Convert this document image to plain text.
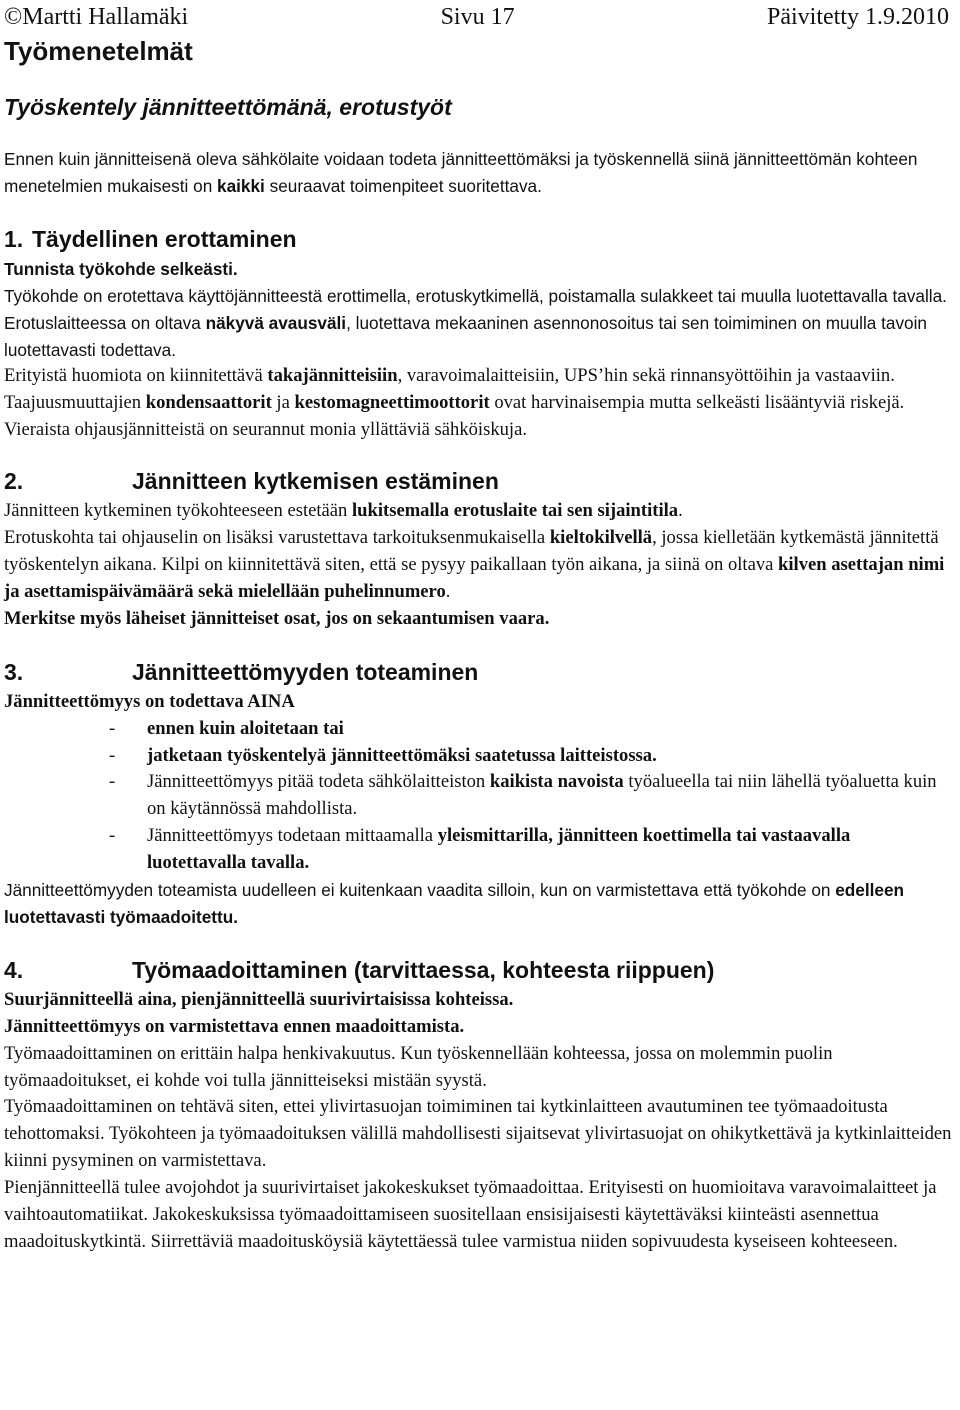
©Martti Hallamäki	Sivu 17	Päivitetty 1.9.2010
Työmenetelmät
Työskentely jännitteettömänä, erotustyöt

Ennen kuin jännitteisenä oleva sähkölaite voidaan todeta jännitteettömäksi ja työskennellä siinä jännitteettömän kohteen menetelmien mukaisesti on kaikki seuraavat toimenpiteet suoritettava.

1. Täydellinen erottaminen
Tunnista työkohde selkeästi.

Työkohde on erotettava käyttöjännitteestä erottimella, erotuskytkimellä, poistamalla sulakkeet tai muulla luotettavalla tavalla. Erotuslaitteessa on oltava näkyvä avausväli, luotettava mekaaninen asennonosoitus tai sen toimiminen on muulla tavoin luotettavasti todettava.

Erityistä huomiota on kiinnitettävä takajännitteisiin, varavoimalaitteisiin, UPS’hin sekä rinnansyöttöihin ja vastaaviin. Taajuusmuuttajien kondensaattorit ja kestomagneettimoottorit ovat harvinaisempia mutta selkeästi lisääntyviä riskejä. Vieraista ohjausjännitteistä on seurannut monia yllättäviä sähköiskuja.

2.	Jännitteen kytkemisen estäminen

Jännitteen kytkeminen työkohteeseen estetään lukitsemalla erotuslaite tai sen sijaintitila.

Erotuskohta tai ohjauselin on lisäksi varustettava tarkoituksenmukaisella kieltokilvellä, jossa kielletään kytkemästä jännitettä työskentelyn aikana. Kilpi on kiinnitettävä siten, että se pysyy paikallaan työn aikana, ja siinä on oltava kilven asettajan nimi ja asettamispäivämäärä sekä mielellään puhelinnumero.

Merkitse myös läheiset jännitteiset osat, jos on sekaantumisen vaara.

3.	Jännitteettömyyden toteaminen
Jännitteettömyys on todettava AINA
-	ennen kuin aloitetaan tai
-	jatketaan työskentelyä jännitteettömäksi saatetussa laitteistossa.
-	Jännitteettömyys pitää todeta sähkölaitteiston kaikista navoista työalueella tai niin lähellä työaluetta kuin on käytännössä mahdollista.
-	Jännitteettömyys todetaan mittaamalla yleismittarilla, jännitteen koettimella tai vastaavalla luotettavalla tavalla.

Jännitteettömyyden toteamista uudelleen ei kuitenkaan vaadita silloin, kun on varmistettava että työkohde on edelleen luotettavasti työmaadoitettu.

4.	Työmaadoittaminen (tarvittaessa, kohteesta riippuen)
Suurjännitteellä aina, pienjännitteellä suurivirtaisissa kohteissa.
Jännitteettömyys on varmistettava ennen maadoittamista.

Työmaadoittaminen on erittäin halpa henkivakuutus. Kun työskennellään kohteessa, jossa on molemmin puolin työmaadoitukset, ei kohde voi tulla jännitteiseksi mistään syystä.

Työmaadoittaminen on tehtävä siten, ettei ylivirtasuojan toimiminen tai kytkinlaitteen avautuminen tee työmaadoitusta tehottomaksi. Työkohteen ja työmaadoituksen välillä mahdollisesti sijaitsevat ylivirtasuojat on ohikytkettävä ja kytkinlaitteiden kiinni pysyminen on varmistettava.

Pienjännitteellä tulee avojohdot ja suurivirtaiset jakokeskukset työmaadoittaa. Erityisesti on huomioitava varavoimalaitteet ja vaihtoautomatiikat. Jakokeskuksissa työmaadoittamiseen suositellaan ensisijaisesti käytettäväksi kiinteästi asennettua maadoituskytkintä. Siirrettäviä maadoitusköysiä käytettäessä tulee varmistua niiden sopivuudesta kyseiseen kohteeseen.
